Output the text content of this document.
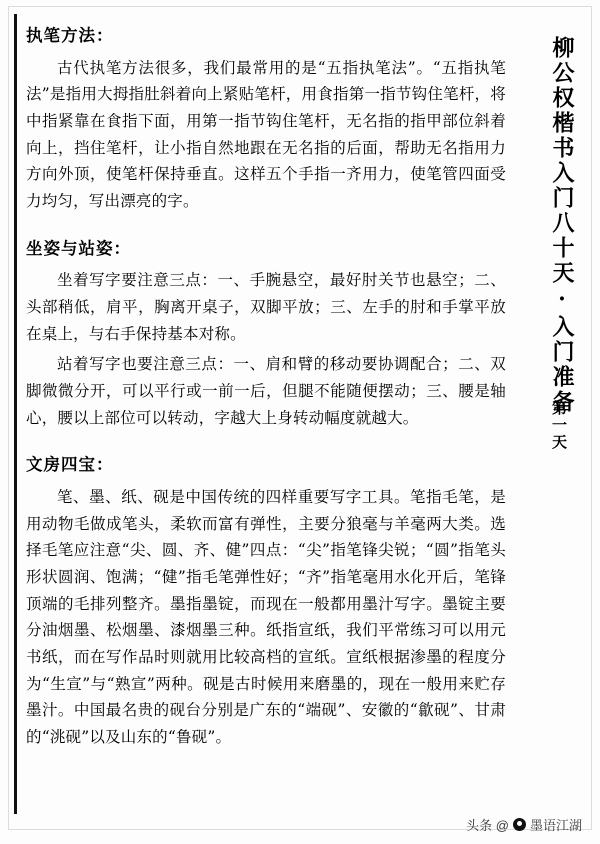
执笔方法：

古代执笔方法很多，我们最常用的是“五指执笔法”。“五指执笔法”是指用大拇指肚斜着向上紧贴笔杆，用食指第一指节钩住笔杆，将中指紧靠在食指下面，用第一指节钩住笔杆，无名指的指甲部位斜着向上，挡住笔杆，让小指自然地跟在无名指的后面，帮助无名指用力方向外顶，使笔杆保持垂直。这样五个手指一齐用力，使笔管四面受力均匀，写出漂亮的字。

坐姿与站姿：

坐着写字要注意三点：一、手腕悬空，最好肘关节也悬空；二、头部稍低，肩平，胸离开桌子，双脚平放；三、左手的肘和手掌平放在桌上，与右手保持基本对称。

站着写字也要注意三点：一、肩和臂的移动要协调配合；二、双脚微微分开，可以平行或一前一后，但腿不能随便摆动；三、腰是轴心，腰以上部位可以转动，字越大上身转动幅度就越大。

文房四宝：

笔、墨、纸、砚是中国传统的四样重要写字工具。笔指毛笔，是用动物毛做成笔头，柔软而富有弹性，主要分狼毫与羊毫两大类。选择毛笔应注意“尖、圆、齐、健”四点：“尖”指笔锋尖锐；“圆”指笔头形状圆润、饱满；“健”指毛笔弹性好；“齐”指笔毫用水化开后，笔锋顶端的毛排列整齐。墨指墨锭，而现在一般都用墨汁写字。墨锭主要分油烟墨、松烟墨、漆烟墨三种。纸指宣纸，我们平常练习可以用元书纸，而在写作品时则就用比较高档的宣纸。宣纸根据渗墨的程度分为“生宣”与“熟宣”两种。砚是古时候用来磨墨的，现在一般用来贮存墨汁。中国最名贵的砚台分别是广东的“端砚”、安徽的“歙砚”、甘肃的“洮砚”以及山东的“鲁砚”。

柳公权楷书入门八十天·入门准备
第一天
头条 @ 墨语江湖
